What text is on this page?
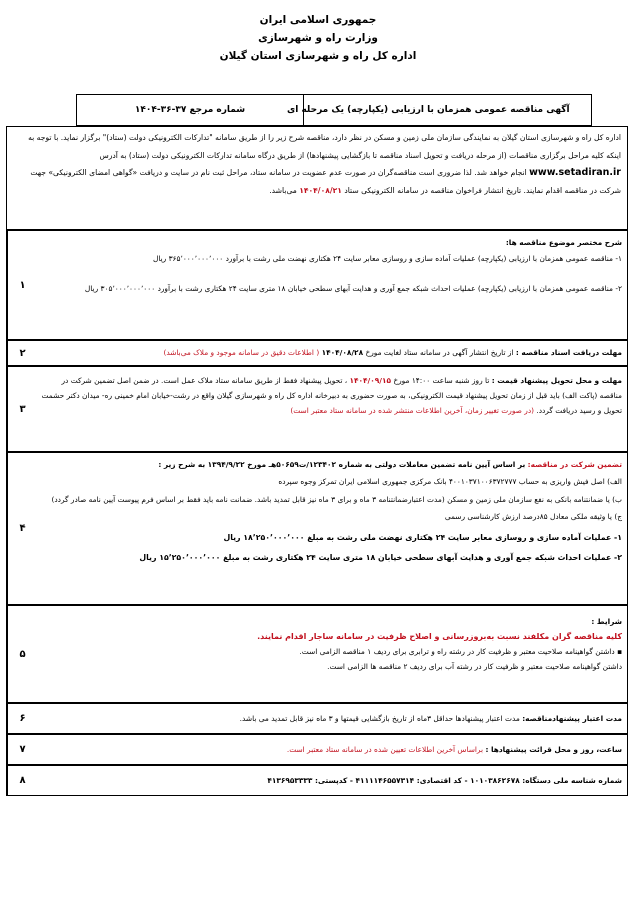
جمهوری اسلامی ایران
وزارت راه و شهرسازی
اداره کل راه و شهرسازی استان گیلان
آگهی مناقصه عمومی همزمان با ارزیابی (یکپارچه) یک مرحله ای
شماره مرجع ۳۷-۳۶-۱۴۰۴
اداره کل راه و شهرسازی استان گیلان به نمایندگی سازمان ملی زمین و مسکن در نظر دارد، مناقصه شرح زیر را از طریق سامانه "تدارکات الکترونیکی دولت (ستاد)" برگزار نماید. با توجه به اینکه کلیه مراحل برگزاری مناقصات (از مرحله دریافت و تحویل اسناد مناقصه تا بازگشایی پیشنهادها) از طریق درگاه سامانه تدارکات الکترونیکی دولت (ستاد) به آدرس www.setadiran.ir انجام خواهد شد. لذا ضروری است مناقصه‌گران در صورت عدم عضویت در سامانه ستاد، مراحل ثبت نام در سایت و دریافت «گواهی امضای الکترونیکی» جهت شرکت در مناقصه اقدام نمایند. تاریخ انتشار فراخوان مناقصه در سامانه الکترونیکی ستاد ۱۴۰۴/۰۸/۲۱ می‌باشد.
۱
شرح مختصر موضوع مناقصه ها:
۱- مناقصه عمومی همزمان با ارزیابی (یکپارچه) عملیات آماده سازی و روسازی معابر سایت ۲۴ هکتاری نهضت ملی رشت با برآورد ۳۶۵٬۰۰۰٬۰۰۰٬۰۰۰ ریال
۲- مناقصه عمومی همزمان با ارزیابی (یکپارچه) عملیات احداث شبکه جمع آوری و هدایت آبهای سطحی خیابان ۱۸ متری سایت ۲۴ هکتاری رشت با برآورد ۳۰۵٬۰۰۰٬۰۰۰٬۰۰۰ ریال
۲	مهلت دریافت اسناد مناقصه : از تاریخ انتشار آگهی در سامانه ستاد لغایت مورخ ۱۴۰۴/۰۸/۲۸ ( اطلاعات دقیق در سامانه موجود و ملاک می‌باشد)
۳
مهلت و محل تحویل پیشنهاد قیمت : تا روز شنبه ساعت ۱۴:۰۰ مورخ ۱۴۰۴/۰۹/۱۵ ، تحویل پیشنهاد فقط از طریق سامانه ستاد ملاک عمل است. در ضمن اصل تضمین شرکت در مناقصه (پاکت الف) باید قبل از زمان تحویل پیشنهاد قیمت الکترونیکی، به صورت حضوری به دبیرخانه اداره کل راه و شهرسازی گیلان واقع در رشت-خیابان امام خمینی ره- میدان دکتر حشمت تحویل و رسید دریافت گردد. (در صورت تغییر زمان، آخرین اطلاعات منتشر شده در سامانه ستاد معتبر است)
۴
تضمین شرکت در مناقصه: بر اساس آیین نامه تضمین معاملات دولتی به شماره ۱۲۳۴۰۲/ت۵۰۶۵۹هـ مورخ ۱۳۹۴/۹/۲۲ به شرح زیر :
الف) اصل فیش واریزی به حساب ۴۰۰۱۰۳۷۱۰۰۶۳۷۲۷۷۷ بانک مرکزی جمهوری اسلامی ایران تمرکز وجوه سپرده
ب) یا ضمانتنامه بانکی به نفع سازمان ملی زمین و مسکن (مدت اعتبارضمانتنامه ۳ ماه و برای ۳ ماه نیز قابل تمدید باشد. ضمانت نامه باید فقط بر اساس فرم پیوست آیین نامه صادر گردد)
ج) یا وثیقه ملکی معادل ۸۵درصد ارزش کارشناسی رسمی
۱- عملیات آماده سازی و روسازی معابر سایت ۲۴ هکتاری نهضت ملی رشت به مبلغ ۱۸٬۲۵۰٬۰۰۰٬۰۰۰ ریال
۲- عملیات احداث شبکه جمع آوری و هدایت آبهای سطحی خیابان ۱۸ متری سایت ۲۴ هکتاری رشت به مبلغ ۱۵٬۲۵۰٬۰۰۰٬۰۰۰ ریال
۵
شرایط :
کلیه مناقصه گران مکلفند نسبت به‌بروزرسانی و اصلاح ظرفیت در سامانه ساجار اقدام نمایند.
▪ داشتن گواهینامه صلاحیت معتبر و ظرفیت کار در رشته راه و ترابری برای ردیف ۱ مناقصه الزامی است.
داشتن گواهینامه صلاحیت معتبر و ظرفیت کار در رشته آب برای ردیف ۲ مناقصه ها الزامی است.
۶	مدت اعتبار پیشنهادمناقصه: مدت اعتبار پیشنهادها حداقل ۳ماه از تاریخ بازگشایی قیمتها و ۳ ماه نیز قابل تمدید می باشد.
۷	ساعت، روز و محل قرائت پیشنهادها : براساس آخرین اطلاعات تعیین شده در سامانه ستاد معتبر است.
۸	شماره شناسه ملی دستگاه: ۱۰۱۰۳۸۶۲۶۷۸ - کد اقتصادی: ۴۱۱۱۱۴۶۵۵۷۳۱۴ - کدپستی: ۴۱۳۶۹۵۳۳۳۳
